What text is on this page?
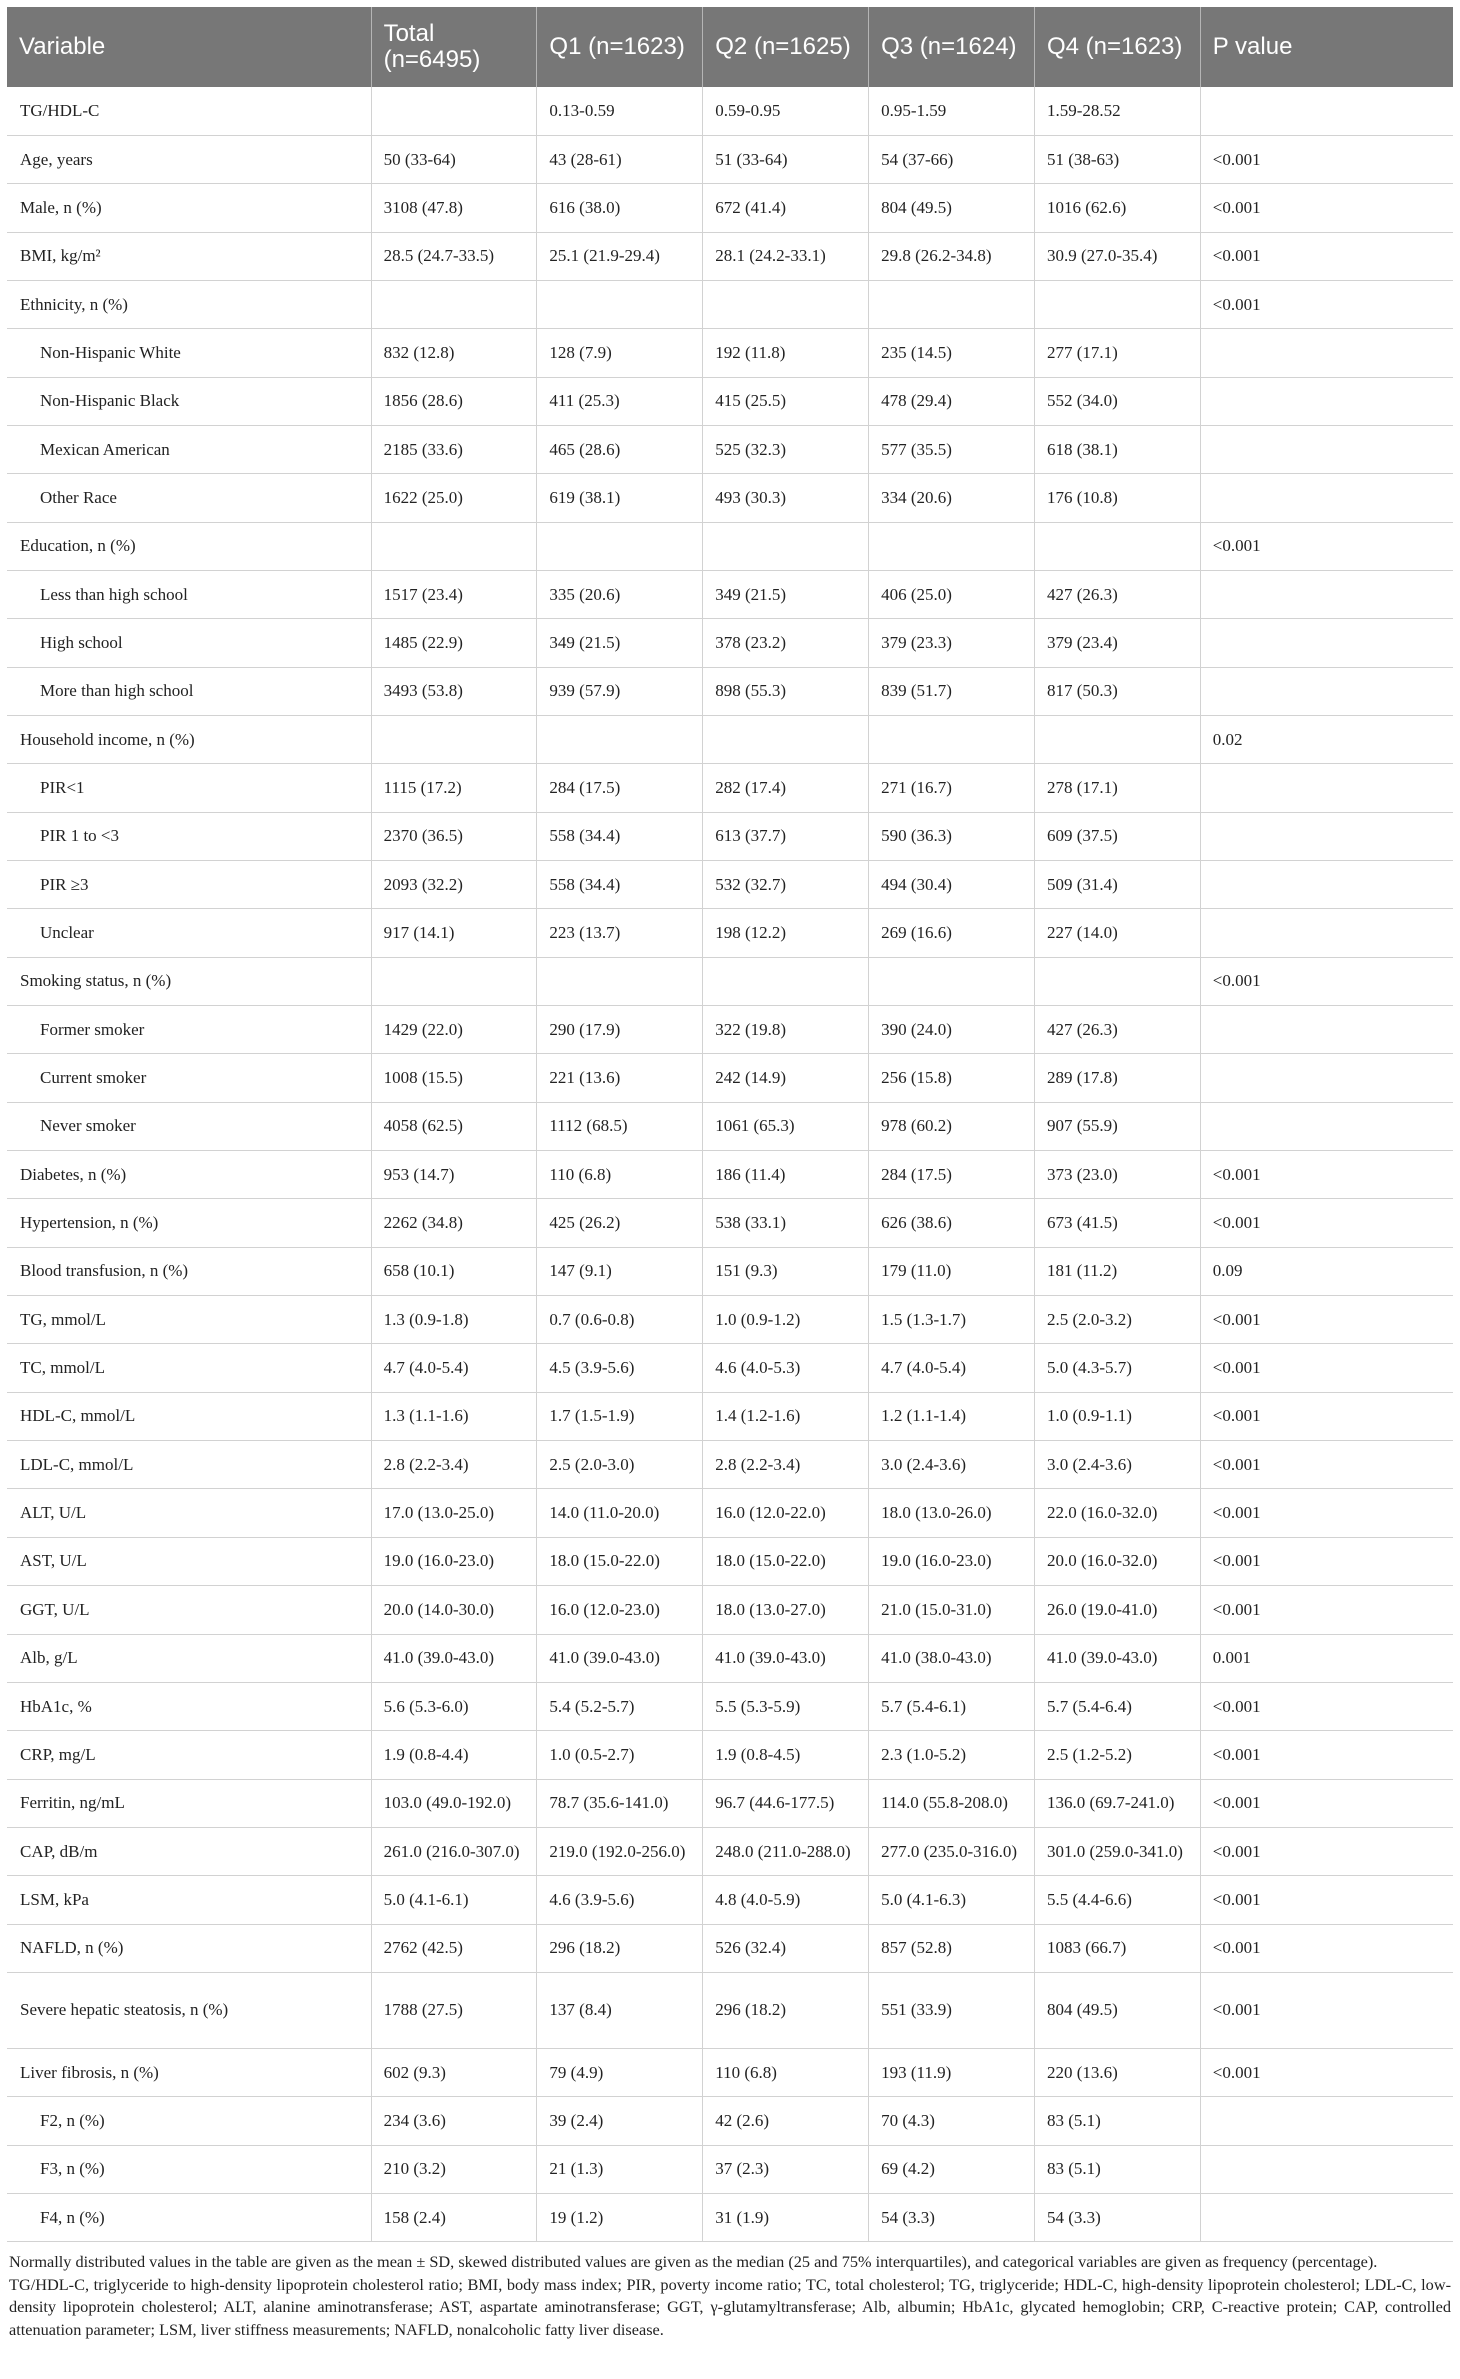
Variable	Total (n=6495)	Q1 (n=1623)	Q2 (n=1625)	Q3 (n=1624)	Q4 (n=1623)	P value
TG/HDL-C		0.13-0.59	0.59-0.95	0.95-1.59	1.59-28.52	
Age, years	50 (33-64)	43 (28-61)	51 (33-64)	54 (37-66)	51 (38-63)	<0.001
Male, n (%)	3108 (47.8)	616 (38.0)	672 (41.4)	804 (49.5)	1016 (62.6)	<0.001
BMI, kg/m²	28.5 (24.7-33.5)	25.1 (21.9-29.4)	28.1 (24.2-33.1)	29.8 (26.2-34.8)	30.9 (27.0-35.4)	<0.001
Ethnicity, n (%)						<0.001
Non-Hispanic White	832 (12.8)	128 (7.9)	192 (11.8)	235 (14.5)	277 (17.1)	
Non-Hispanic Black	1856 (28.6)	411 (25.3)	415 (25.5)	478 (29.4)	552 (34.0)	
Mexican American	2185 (33.6)	465 (28.6)	525 (32.3)	577 (35.5)	618 (38.1)	
Other Race	1622 (25.0)	619 (38.1)	493 (30.3)	334 (20.6)	176 (10.8)	
Education, n (%)						<0.001
Less than high school	1517 (23.4)	335 (20.6)	349 (21.5)	406 (25.0)	427 (26.3)	
High school	1485 (22.9)	349 (21.5)	378 (23.2)	379 (23.3)	379 (23.4)	
More than high school	3493 (53.8)	939 (57.9)	898 (55.3)	839 (51.7)	817 (50.3)	
Household income, n (%)						0.02
PIR<1	1115 (17.2)	284 (17.5)	282 (17.4)	271 (16.7)	278 (17.1)	
PIR 1 to <3	2370 (36.5)	558 (34.4)	613 (37.7)	590 (36.3)	609 (37.5)	
PIR ≥3	2093 (32.2)	558 (34.4)	532 (32.7)	494 (30.4)	509 (31.4)	
Unclear	917 (14.1)	223 (13.7)	198 (12.2)	269 (16.6)	227 (14.0)	
Smoking status, n (%)						<0.001
Former smoker	1429 (22.0)	290 (17.9)	322 (19.8)	390 (24.0)	427 (26.3)	
Current smoker	1008 (15.5)	221 (13.6)	242 (14.9)	256 (15.8)	289 (17.8)	
Never smoker	4058 (62.5)	1112 (68.5)	1061 (65.3)	978 (60.2)	907 (55.9)	
Diabetes, n (%)	953 (14.7)	110 (6.8)	186 (11.4)	284 (17.5)	373 (23.0)	<0.001
Hypertension, n (%)	2262 (34.8)	425 (26.2)	538 (33.1)	626 (38.6)	673 (41.5)	<0.001
Blood transfusion, n (%)	658 (10.1)	147 (9.1)	151 (9.3)	179 (11.0)	181 (11.2)	0.09
TG, mmol/L	1.3 (0.9-1.8)	0.7 (0.6-0.8)	1.0 (0.9-1.2)	1.5 (1.3-1.7)	2.5 (2.0-3.2)	<0.001
TC, mmol/L	4.7 (4.0-5.4)	4.5 (3.9-5.6)	4.6 (4.0-5.3)	4.7 (4.0-5.4)	5.0 (4.3-5.7)	<0.001
HDL-C, mmol/L	1.3 (1.1-1.6)	1.7 (1.5-1.9)	1.4 (1.2-1.6)	1.2 (1.1-1.4)	1.0 (0.9-1.1)	<0.001
LDL-C, mmol/L	2.8 (2.2-3.4)	2.5 (2.0-3.0)	2.8 (2.2-3.4)	3.0 (2.4-3.6)	3.0 (2.4-3.6)	<0.001
ALT, U/L	17.0 (13.0-25.0)	14.0 (11.0-20.0)	16.0 (12.0-22.0)	18.0 (13.0-26.0)	22.0 (16.0-32.0)	<0.001
AST, U/L	19.0 (16.0-23.0)	18.0 (15.0-22.0)	18.0 (15.0-22.0)	19.0 (16.0-23.0)	20.0 (16.0-32.0)	<0.001
GGT, U/L	20.0 (14.0-30.0)	16.0 (12.0-23.0)	18.0 (13.0-27.0)	21.0 (15.0-31.0)	26.0 (19.0-41.0)	<0.001
Alb, g/L	41.0 (39.0-43.0)	41.0 (39.0-43.0)	41.0 (39.0-43.0)	41.0 (38.0-43.0)	41.0 (39.0-43.0)	0.001
HbA1c, %	5.6 (5.3-6.0)	5.4 (5.2-5.7)	5.5 (5.3-5.9)	5.7 (5.4-6.1)	5.7 (5.4-6.4)	<0.001
CRP, mg/L	1.9 (0.8-4.4)	1.0 (0.5-2.7)	1.9 (0.8-4.5)	2.3 (1.0-5.2)	2.5 (1.2-5.2)	<0.001
Ferritin, ng/mL	103.0 (49.0-192.0)	78.7 (35.6-141.0)	96.7 (44.6-177.5)	114.0 (55.8-208.0)	136.0 (69.7-241.0)	<0.001
CAP, dB/m	261.0 (216.0-307.0)	219.0 (192.0-256.0)	248.0 (211.0-288.0)	277.0 (235.0-316.0)	301.0 (259.0-341.0)	<0.001
LSM, kPa	5.0 (4.1-6.1)	4.6 (3.9-5.6)	4.8 (4.0-5.9)	5.0 (4.1-6.3)	5.5 (4.4-6.6)	<0.001
NAFLD, n (%)	2762 (42.5)	296 (18.2)	526 (32.4)	857 (52.8)	1083 (66.7)	<0.001
Severe hepatic steatosis, n (%)	1788 (27.5)	137 (8.4)	296 (18.2)	551 (33.9)	804 (49.5)	<0.001
Liver fibrosis, n (%)	602 (9.3)	79 (4.9)	110 (6.8)	193 (11.9)	220 (13.6)	<0.001
F2, n (%)	234 (3.6)	39 (2.4)	42 (2.6)	70 (4.3)	83 (5.1)	
F3, n (%)	210 (3.2)	21 (1.3)	37 (2.3)	69 (4.2)	83 (5.1)	
F4, n (%)	158 (2.4)	19 (1.2)	31 (1.9)	54 (3.3)	54 (3.3)	

Normally distributed values in the table are given as the mean ± SD, skewed distributed values are given as the median (25 and 75% interquartiles), and categorical variables are given as frequency (percentage).

TG/HDL-C, triglyceride to high-density lipoprotein cholesterol ratio; BMI, body mass index; PIR, poverty income ratio; TC, total cholesterol; TG, triglyceride; HDL-C, high-density lipoprotein cholesterol; LDL-C, low-density lipoprotein cholesterol; ALT, alanine aminotransferase; AST, aspartate aminotransferase; GGT, γ-glutamyltransferase; Alb, albumin; HbA1c, glycated hemoglobin; CRP, C-reactive protein; CAP, controlled attenuation parameter; LSM, liver stiffness measurements; NAFLD, nonalcoholic fatty liver disease.
